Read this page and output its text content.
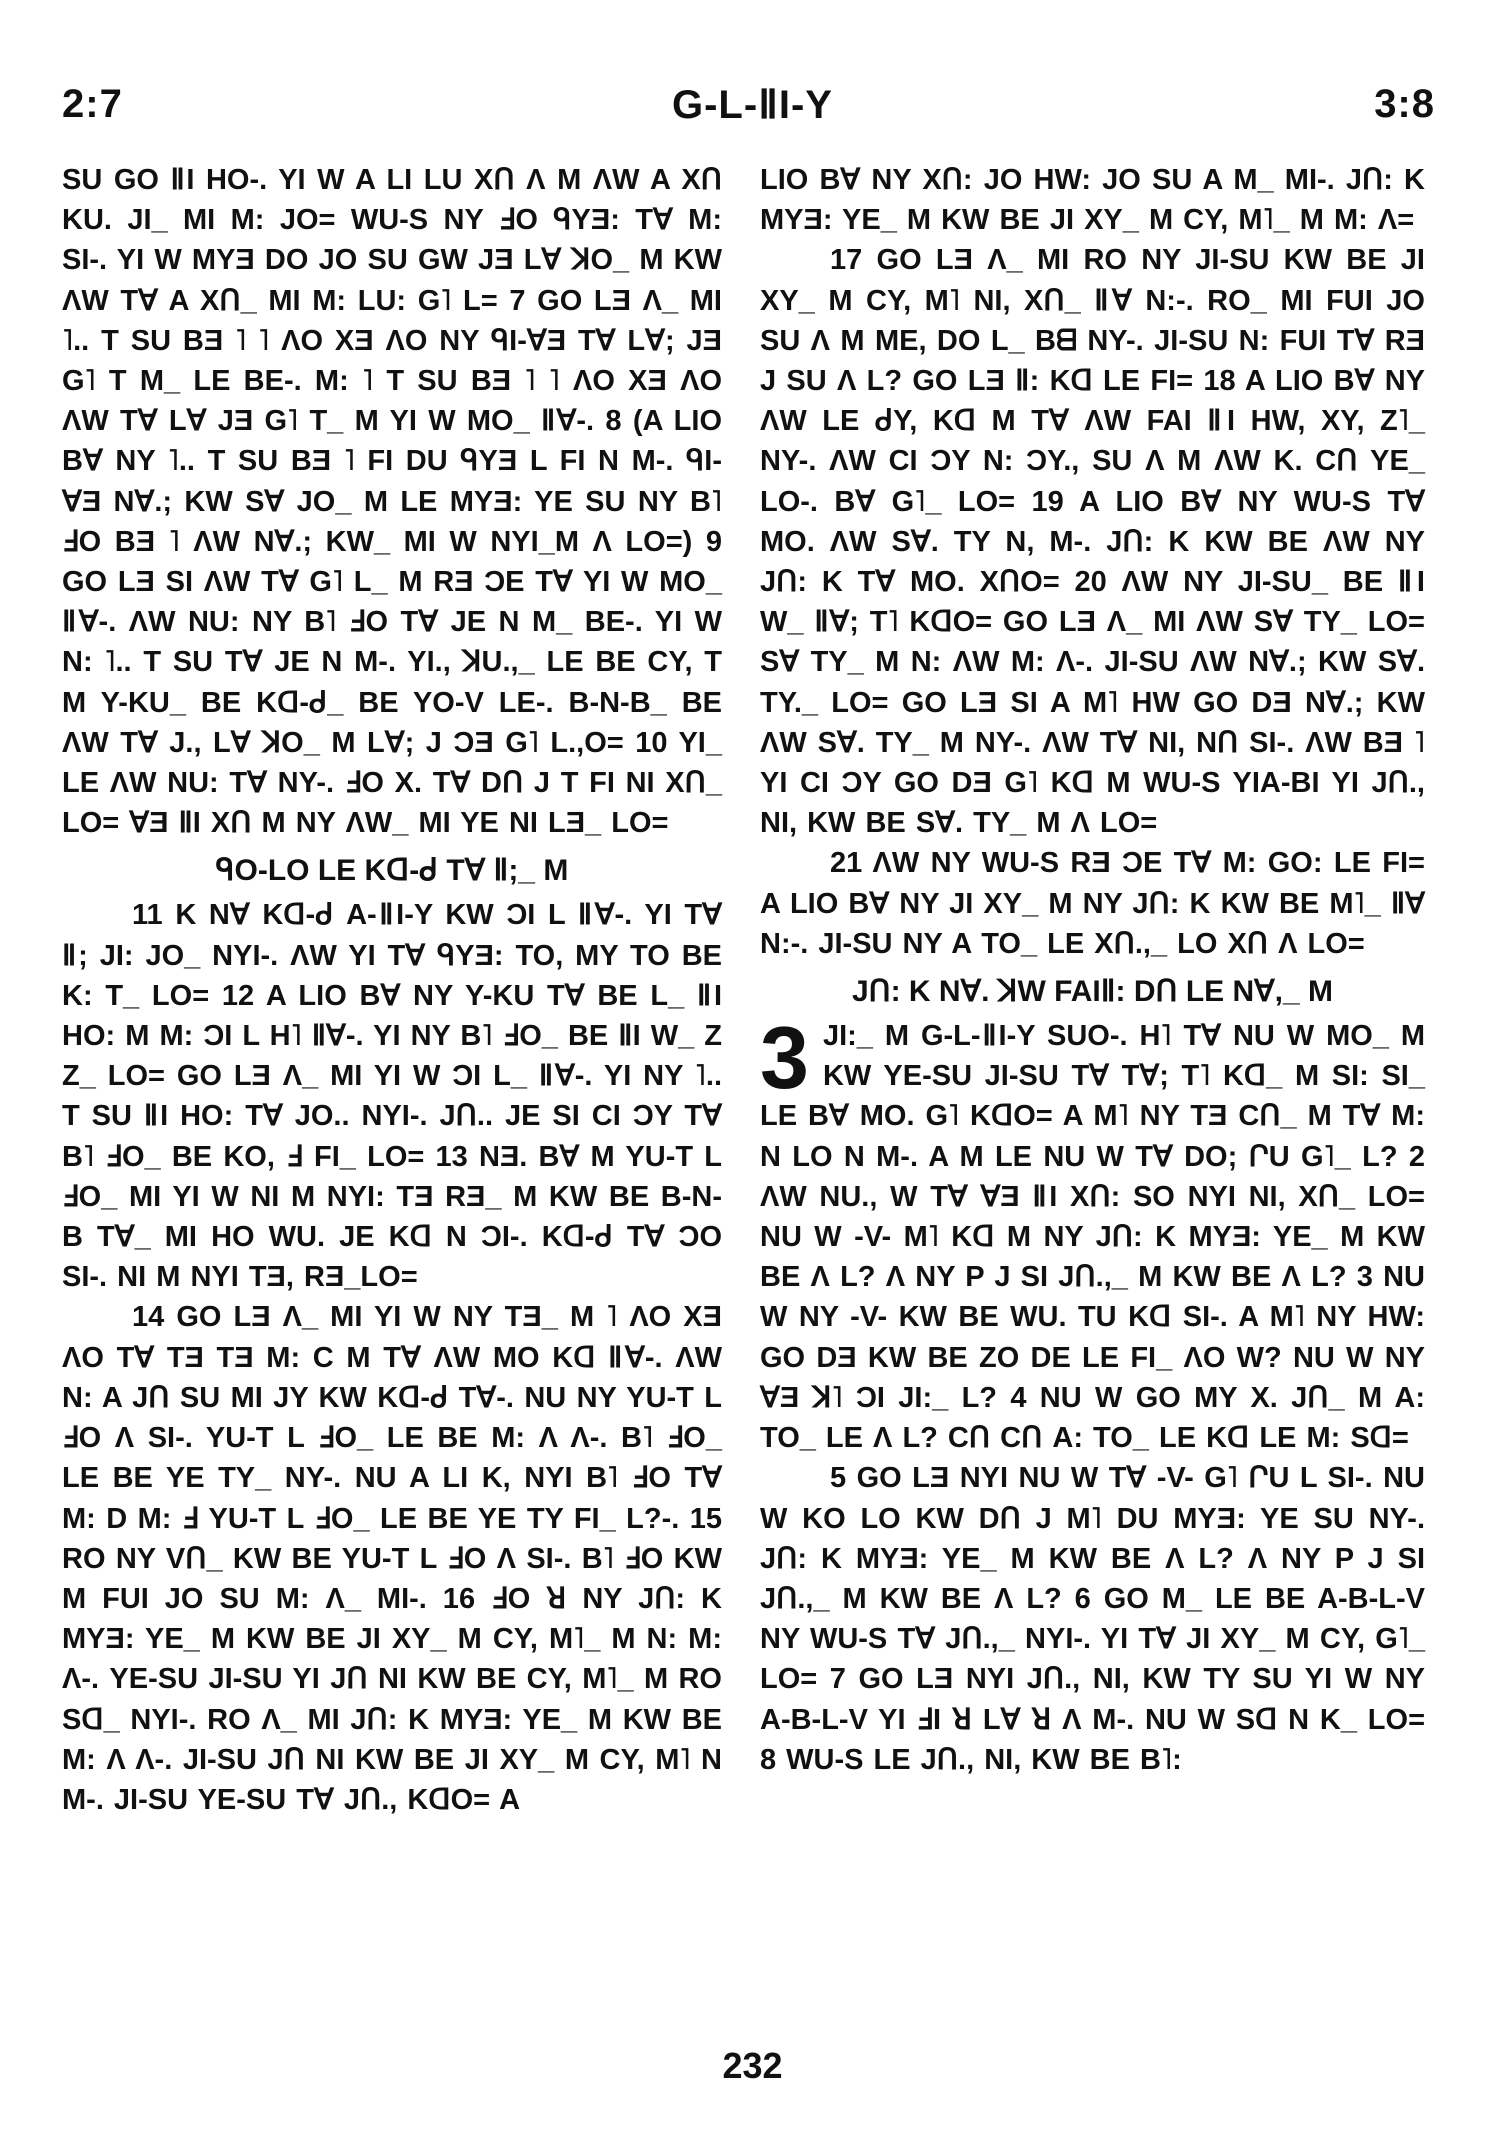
2:7	G-L-ⅡI-Y	3:8

SU GO ⅡI HO-. YI W A LI LU XՈ Λ M ΛW A XՈ KU. JI_ MI M: JO= WU-S NY ℲO ᑫYƎ: TⱯ M: SI-. YI W MYƎ DO JO SU GW JƎ LⱯ ꓘO_ M KW ΛW TⱯ A XՈ_ MI M: LU: G˥ L= 7 GO LƎ Λ_ MI ˥.. T SU BƎ ˥ ˥ ΛO XƎ ΛO NY ᑫI-ⱯƎ TⱯ LⱯ; JƎ G˥ T M_ LE BE-. M: ˥ T SU BƎ ˥ ˥ ΛO XƎ ΛO ΛW TⱯ LⱯ JƎ G˥ T_ M YI W MO_ ⅡⱯ-. 8 (A LIO BⱯ NY ˥.. T SU BƎ ˥ FI DU ᑫYƎ L FI N M-. ᑫI-ⱯƎ NⱯ.; KW SⱯ JO_ M LE MYƎ: YE SU NY B˥ ℲO BƎ ˥ ΛW NⱯ.; KW_ MI W NYI_M Λ LO=) 9 GO LƎ SI ΛW TⱯ G˥ L_ M RƎ ƆE TⱯ YI W MO_ ⅡⱯ-. ΛW NU: NY B˥ ℲO TⱯ JE N M_ BE-. YI W N: ˥.. T SU TⱯ JE N M-. YI., ꓘU.,_ LE BE CY, T M Y-KU_ BE Kᗡ-ᑯ_ BE YO-V LE-. B-N-B_ BE ΛW TⱯ J., LⱯ ꓘO_ M LⱯ; J ƆƎ G˥ L.,O= 10 YI_ LE ΛW NU: TⱯ NY-. ℲO X. TⱯ DՈ J T FI NI XՈ_ LO= ⱯƎ ⅡI XՈ M NY ΛW_ MI YE NI LƎ_ LO=

ᑫO-LO LE Kᗡ-ᑯ TⱯ Ⅱ;_ M

11 K NⱯ Kᗡ-ᑯ A-ⅡI-Y KW ƆI L ⅡⱯ-. YI TⱯ Ⅱ; JI: JO_ NYI-. ΛW YI TⱯ ᑫYƎ: TO, MY TO BE K: T_ LO= 12 A LIO BⱯ NY Y-KU TⱯ BE L_ ⅡI HO: M M: ƆI L H˥ ⅡⱯ-. YI NY B˥ ℲO_ BE ⅡI W_ Z Z_ LO= GO LƎ Λ_ MI YI W ƆI L_ ⅡⱯ-. YI NY ˥.. T SU ⅡI HO: TⱯ JO.. NYI-. JՈ.. JE SI CI ƆY TⱯ B˥ ℲO_ BE KO, Ⅎ FI_ LO= 13 NƎ. BⱯ M YU-T L ℲO_ MI YI W NI M NYI: TƎ RƎ_ M KW BE B-N-B TⱯ_ MI HO WU. JE Kᗡ N ƆI-. Kᗡ-ᑯ TⱯ ƆO SI-. NI M NYI TƎ, RƎ_LO=

14 GO LƎ Λ_ MI YI W NY TƎ_ M ˥ ΛO XƎ ΛO TⱯ TƎ TƎ M: C M TⱯ ΛW MO Kᗡ ⅡⱯ-. ΛW N: A JՈ SU MI JY KW Kᗡ-ᑯ TⱯ-. NU NY YU-T L ℲO Λ SI-. YU-T L ℲO_ LE BE M: Λ Λ-. B˥ ℲO_ LE BE YE TY_ NY-. NU A LI K, NYI B˥ ℲO TⱯ M: D M: Ⅎ YU-T L ℲO_ LE BE YE TY FI_ L?-. 15 RO NY VՈ_ KW BE YU-T L ℲO Λ SI-. B˥ ℲO KW M FUI JO SU M: Λ_ MI-. 16 ℲO ꓤ NY JՈ: K MYƎ: YE_ M KW BE JI XY_ M CY, M˥_ M N: M: Λ-. YE-SU JI-SU YI JՈ NI KW BE CY, M˥_ M RO Sᗡ_ NYI-. RO Λ_ MI JՈ: K MYƎ: YE_ M KW BE M: Λ Λ-. JI-SU JՈ NI KW BE JI XY_ M CY, M˥ N M-. JI-SU YE-SU TⱯ JՈ., KᗡO= A

LIO BⱯ NY XՈ: JO HW: JO SU A M_ MI-. JՈ: K MYƎ: YE_ M KW BE JI XY_ M CY, M˥_ M M: Λ=

17 GO LƎ Λ_ MI RO NY JI-SU KW BE JI XY_ M CY, M˥ NI, XՈ_ ⅡⱯ N:-. RO_ MI FUI JO SU Λ M ME, DO L_ Bᗺ NY-. JI-SU N: FUI TⱯ RƎ J SU Λ L? GO LƎ Ⅱ: Kᗡ LE FI= 18 A LIO BⱯ NY ΛW LE ᑯY, Kᗡ M TⱯ ΛW FAI ⅡI HW, XY, Z˥_ NY-. ΛW CI ƆY N: ƆY., SU Λ M ΛW K. CՈ YE_ LO-. BⱯ G˥_ LO= 19 A LIO BⱯ NY WU-S TⱯ MO. ΛW SⱯ. TY N, M-. JՈ: K KW BE ΛW NY JՈ: K TⱯ MO. XՈO= 20 ΛW NY JI-SU_ BE ⅡI W_ ⅡⱯ; T˥ KᗡO= GO LƎ Λ_ MI ΛW SⱯ TY_ LO= SⱯ TY_ M N: ΛW M: Λ-. JI-SU ΛW NⱯ.; KW SⱯ. TY._ LO= GO LƎ SI A M˥ HW GO DƎ NⱯ.; KW ΛW SⱯ. TY_ M NY-. ΛW TⱯ NI, NՈ SI-. ΛW BƎ ˥ YI CI ƆY GO DƎ G˥ Kᗡ M WU-S YIA-BI YI JՈ., NI, KW BE SⱯ. TY_ M Λ LO=

21 ΛW NY WU-S RƎ ƆE TⱯ M: GO: LE FI= A LIO BⱯ NY JI XY_ M NY JՈ: K KW BE M˥_ ⅡⱯ N:-. JI-SU NY A TO_ LE XՈ.,_ LO XՈ Λ LO=

JՈ: K NⱯ. ꓘW FAIⅡ: DՈ LE NⱯ,_ M
3 JI:_ M G-L-ⅡI-Y SUO-. H˥ TⱯ NU W MO_ M KW YE-SU JI-SU TⱯ TⱯ; T˥ Kᗡ_ M SI: SI_ LE BⱯ MO. G˥ KᗡO= A M˥ NY TƎ CՈ_ M TⱯ M: N LO N M-. A M LE NU W TⱯ DO; ՐU G˥_ L? 2 ΛW NU., W TⱯ ⱯƎ ⅡI XՈ: SO NYI NI, XՈ_ LO= NU W -V- M˥ Kᗡ M NY JՈ: K MYƎ: YE_ M KW BE Λ L? Λ NY P J SI JՈ.,_ M KW BE Λ L? 3 NU W NY -V- KW BE WU. TU Kᗡ SI-. A M˥ NY HW: GO DƎ KW BE ZO DE LE FI_ ΛO W? NU W NY ⱯƎ ꓘ˥ ƆI JI:_ L? 4 NU W GO MY X. JՈ_ M A: TO_ LE Λ L? CՈ CՈ A: TO_ LE Kᗡ LE M: Sᗡ=

5 GO LƎ NYI NU W TⱯ -V- G˥ ՐU L SI-. NU W KO LO KW DՈ J M˥ DU MYƎ: YE SU NY-. JՈ: K MYƎ: YE_ M KW BE Λ L? Λ NY P J SI JՈ.,_ M KW BE Λ L? 6 GO M_ LE BE A-B-L-V NY WU-S TⱯ JՈ.,_ NYI-. YI TⱯ JI XY_ M CY, G˥_ LO= 7 GO LƎ NYI JՈ., NI, KW TY SU YI W NY A-B-L-V YI ℲI ꓤ LⱯ ꓤ Λ M-. NU W Sᗡ N K_ LO= 8 WU-S LE JՈ., NI, KW BE B˥:

232
